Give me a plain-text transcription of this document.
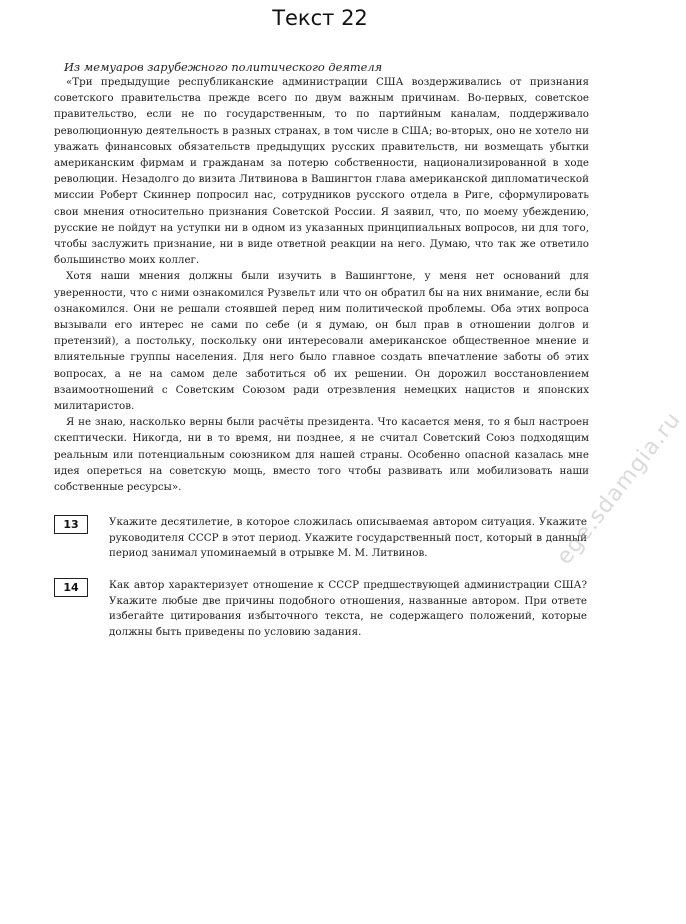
Текст 22
Из мемуаров зарубежного политического деятеля

«Три предыдущие республиканские администрации США воздерживались от признания советского правительства прежде всего по двум важным причинам. Во-первых, советское правительство, если не по государственным, то по партийным каналам, поддерживало революционную деятельность в разных странах, в том числе в США; во-вторых, оно не хотело ни уважать финансовых обязательств предыдущих русских правительств, ни возмещать убытки американским фирмам и гражданам за потерю собственности, национализированной в ходе революции. Незадолго до визита Литвинова в Вашингтон глава американской дипломатической миссии Роберт Скиннер попросил нас, сотрудников русского отдела в Риге, сформулировать свои мнения относительно признания Советской России. Я заявил, что, по моему убеждению, русские не пойдут на уступки ни в одном из указанных принципиальных вопросов, ни для того, чтобы заслужить признание, ни в виде ответной реакции на него. Думаю, что так же ответило большинство моих коллег.

Хотя наши мнения должны были изучить в Вашингтоне, у меня нет оснований для уверенности, что с ними ознакомился Рузвельт или что он обратил бы на них внимание, если бы ознакомился. Они не решали стоявшей перед ним политической проблемы. Оба этих вопроса вызывали его интерес не сами по себе (и я думаю, он был прав в отношении долгов и претензий), а постольку, поскольку они интересовали американское общественное мнение и влиятельные группы населения. Для него было главное создать впечатление заботы об этих вопросах, а не на самом деле заботиться об их решении. Он дорожил восстановлением взаимоотношений с Советским Союзом ради отрезвления немецких нацистов и японских милитаристов.

Я не знаю, насколько верны были расчёты президента. Что касается меня, то я был настроен скептически. Никогда, ни в то время, ни позднее, я не считал Советский Союз подходящим реальным или потенциальным союзником для нашей страны. Особенно опасной казалась мне идея опереться на советскую мощь, вместо того чтобы развивать или мобилизовать наши собственные ресурсы».

13	Укажите десятилетие, в которое сложилась описываемая автором ситуация. Укажите руководителя СССР в этот период. Укажите государственный пост, который в данный период занимал упоминаемый в отрывке М. М. Литвинов.
14	Как автор характеризует отношение к СССР предшествующей администрации США? Укажите любые две причины подобного отношения, названные автором. При ответе избегайте цитирования избыточного текста, не содержащего положений, которые должны быть приведены по условию задания.
ege.sdamgia.ru
